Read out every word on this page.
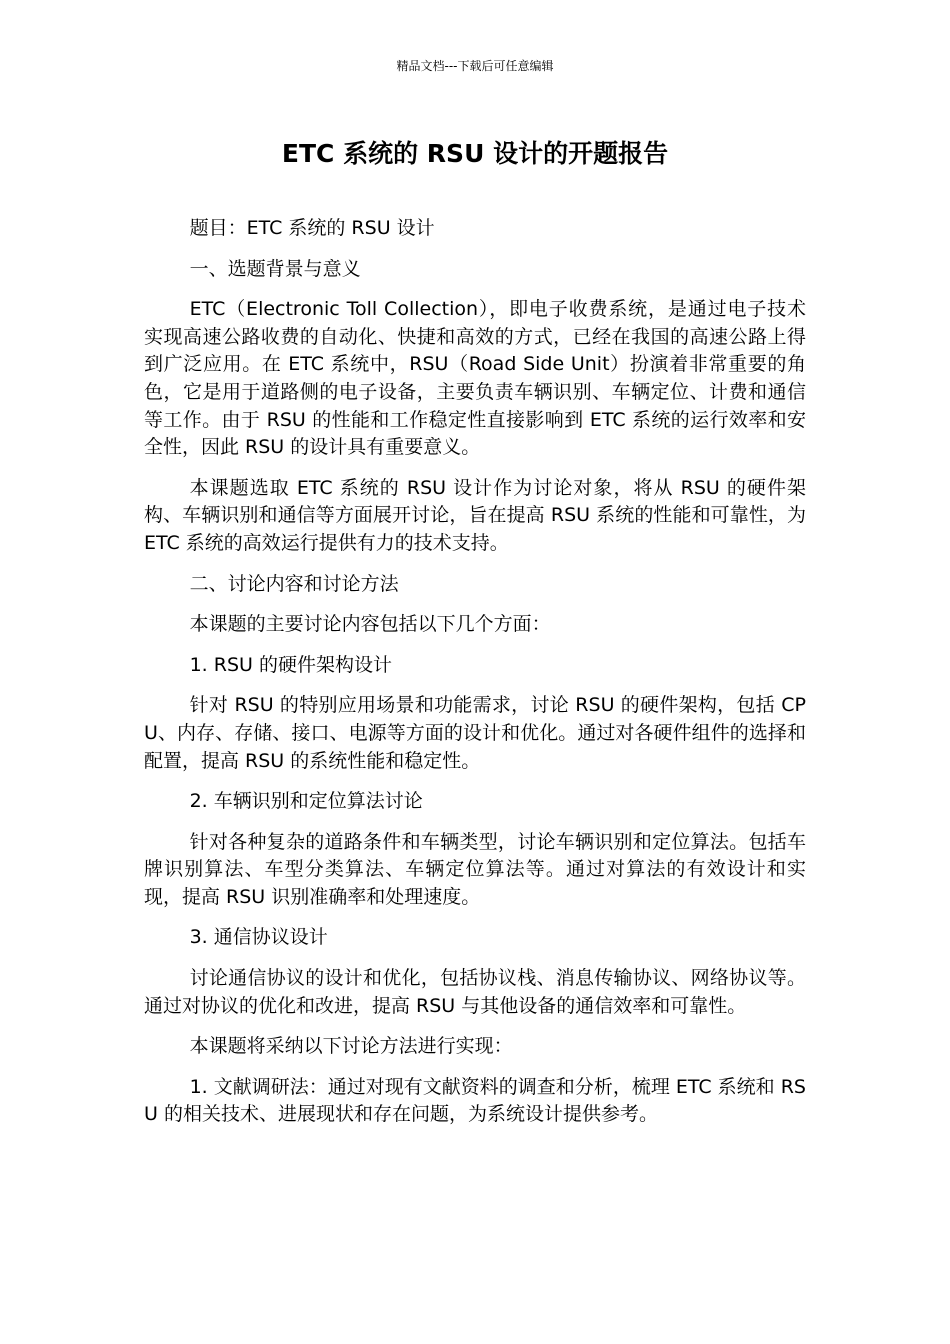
精品文档---下载后可任意编辑
ETC 系统的 RSU 设计的开题报告

题目：ETC 系统的 RSU 设计

一、选题背景与意义

ETC（Electronic Toll Collection），即电子收费系统，是通过电子技术实现高速公路收费的自动化、快捷和高效的方式，已经在我国的高速公路上得到广泛应用。在 ETC 系统中，RSU（Road Side Unit）扮演着非常重要的角色，它是用于道路侧的电子设备，主要负责车辆识别、车辆定位、计费和通信等工作。由于 RSU 的性能和工作稳定性直接影响到 ETC 系统的运行效率和安全性，因此 RSU 的设计具有重要意义。

本课题选取 ETC 系统的 RSU 设计作为讨论对象，将从 RSU 的硬件架构、车辆识别和通信等方面展开讨论，旨在提高 RSU 系统的性能和可靠性，为 ETC 系统的高效运行提供有力的技术支持。

二、讨论内容和讨论方法

本课题的主要讨论内容包括以下几个方面：

1. RSU 的硬件架构设计

针对 RSU 的特别应用场景和功能需求，讨论 RSU 的硬件架构，包括 CPU、内存、存储、接口、电源等方面的设计和优化。通过对各硬件组件的选择和配置，提高 RSU 的系统性能和稳定性。

2. 车辆识别和定位算法讨论

针对各种复杂的道路条件和车辆类型，讨论车辆识别和定位算法。包括车牌识别算法、车型分类算法、车辆定位算法等。通过对算法的有效设计和实现，提高 RSU 识别准确率和处理速度。

3. 通信协议设计

讨论通信协议的设计和优化，包括协议栈、消息传输协议、网络协议等。通过对协议的优化和改进，提高 RSU 与其他设备的通信效率和可靠性。

本课题将采纳以下讨论方法进行实现：

1. 文献调研法：通过对现有文献资料的调查和分析，梳理 ETC 系统和 RSU 的相关技术、进展现状和存在问题，为系统设计提供参考。
